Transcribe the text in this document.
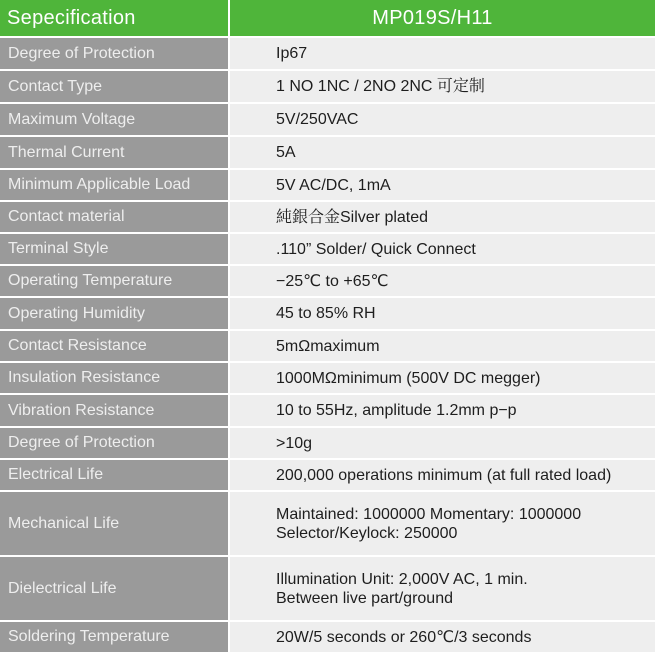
Sepecification	MP019S/H11
Degree of Protection	Ip67

Contact Type	1 NO 1NC / 2NO 2NC 可定制

Maximum Voltage	5V/250VAC

Thermal Current	5A

Minimum Applicable Load	5V AC/DC, 1mA

Contact material	純銀合金Silver plated

Terminal Style	.110” Solder/ Quick Connect

Operating Temperature	−25℃ to +65℃

Operating Humidity	45 to 85% RH

Contact Resistance	5mΩmaximum

Insulation Resistance	1000MΩminimum (500V DC megger)

Vibration Resistance	10 to 55Hz, amplitude 1.2mm p−p

Degree of Protection	>10g

Electrical Life	200,000 operations minimum (at full rated load)

Mechanical Life	Maintained: 1000000 Momentary: 1000000
Selector/Keylock: 250000

Dielectrical Life	Illumination Unit: 2,000V AC, 1 min.
Between live part/ground

Soldering Temperature	20W/5 seconds or 260℃/3 seconds
